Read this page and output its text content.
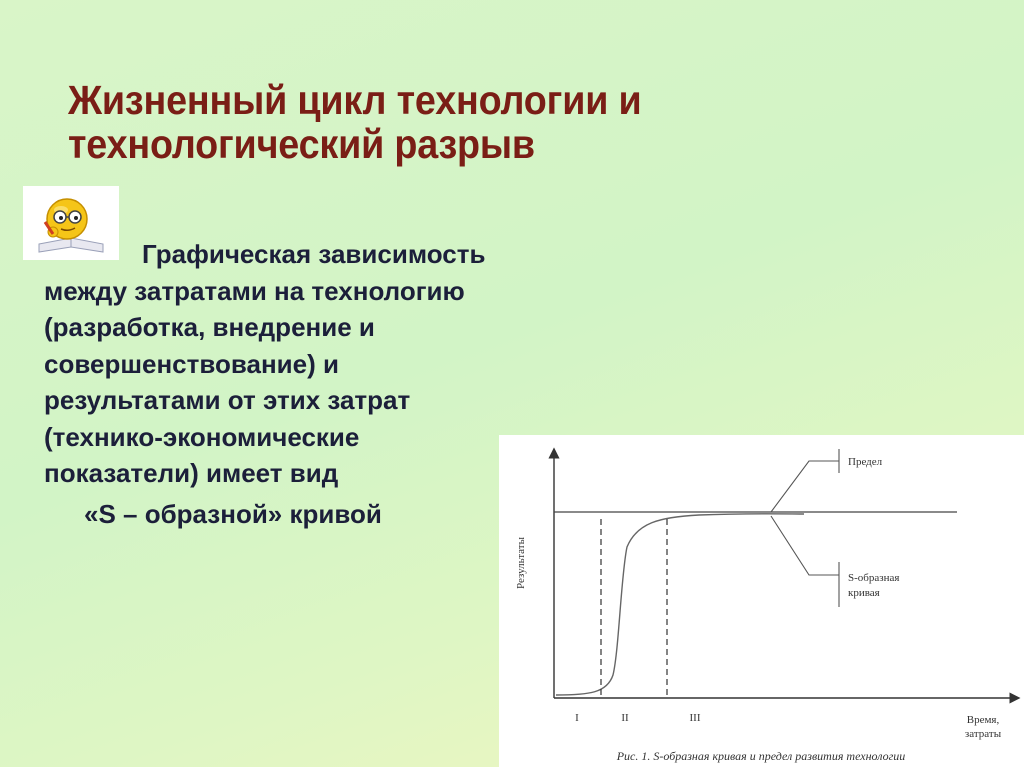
Жизненный цикл технологии и
технологический разрыв
Графическая зависимость
между затратами на технологию
(разработка, внедрение и
совершенствование) и
результатами от этих затрат
(технико-экономические
показатели) имеет вид
«S – образной» кривой
Результаты
Предел
S-образная
кривая
I	II	III	Время,
затраты
Рис. 1. S-образная кривая и предел развития технологии
